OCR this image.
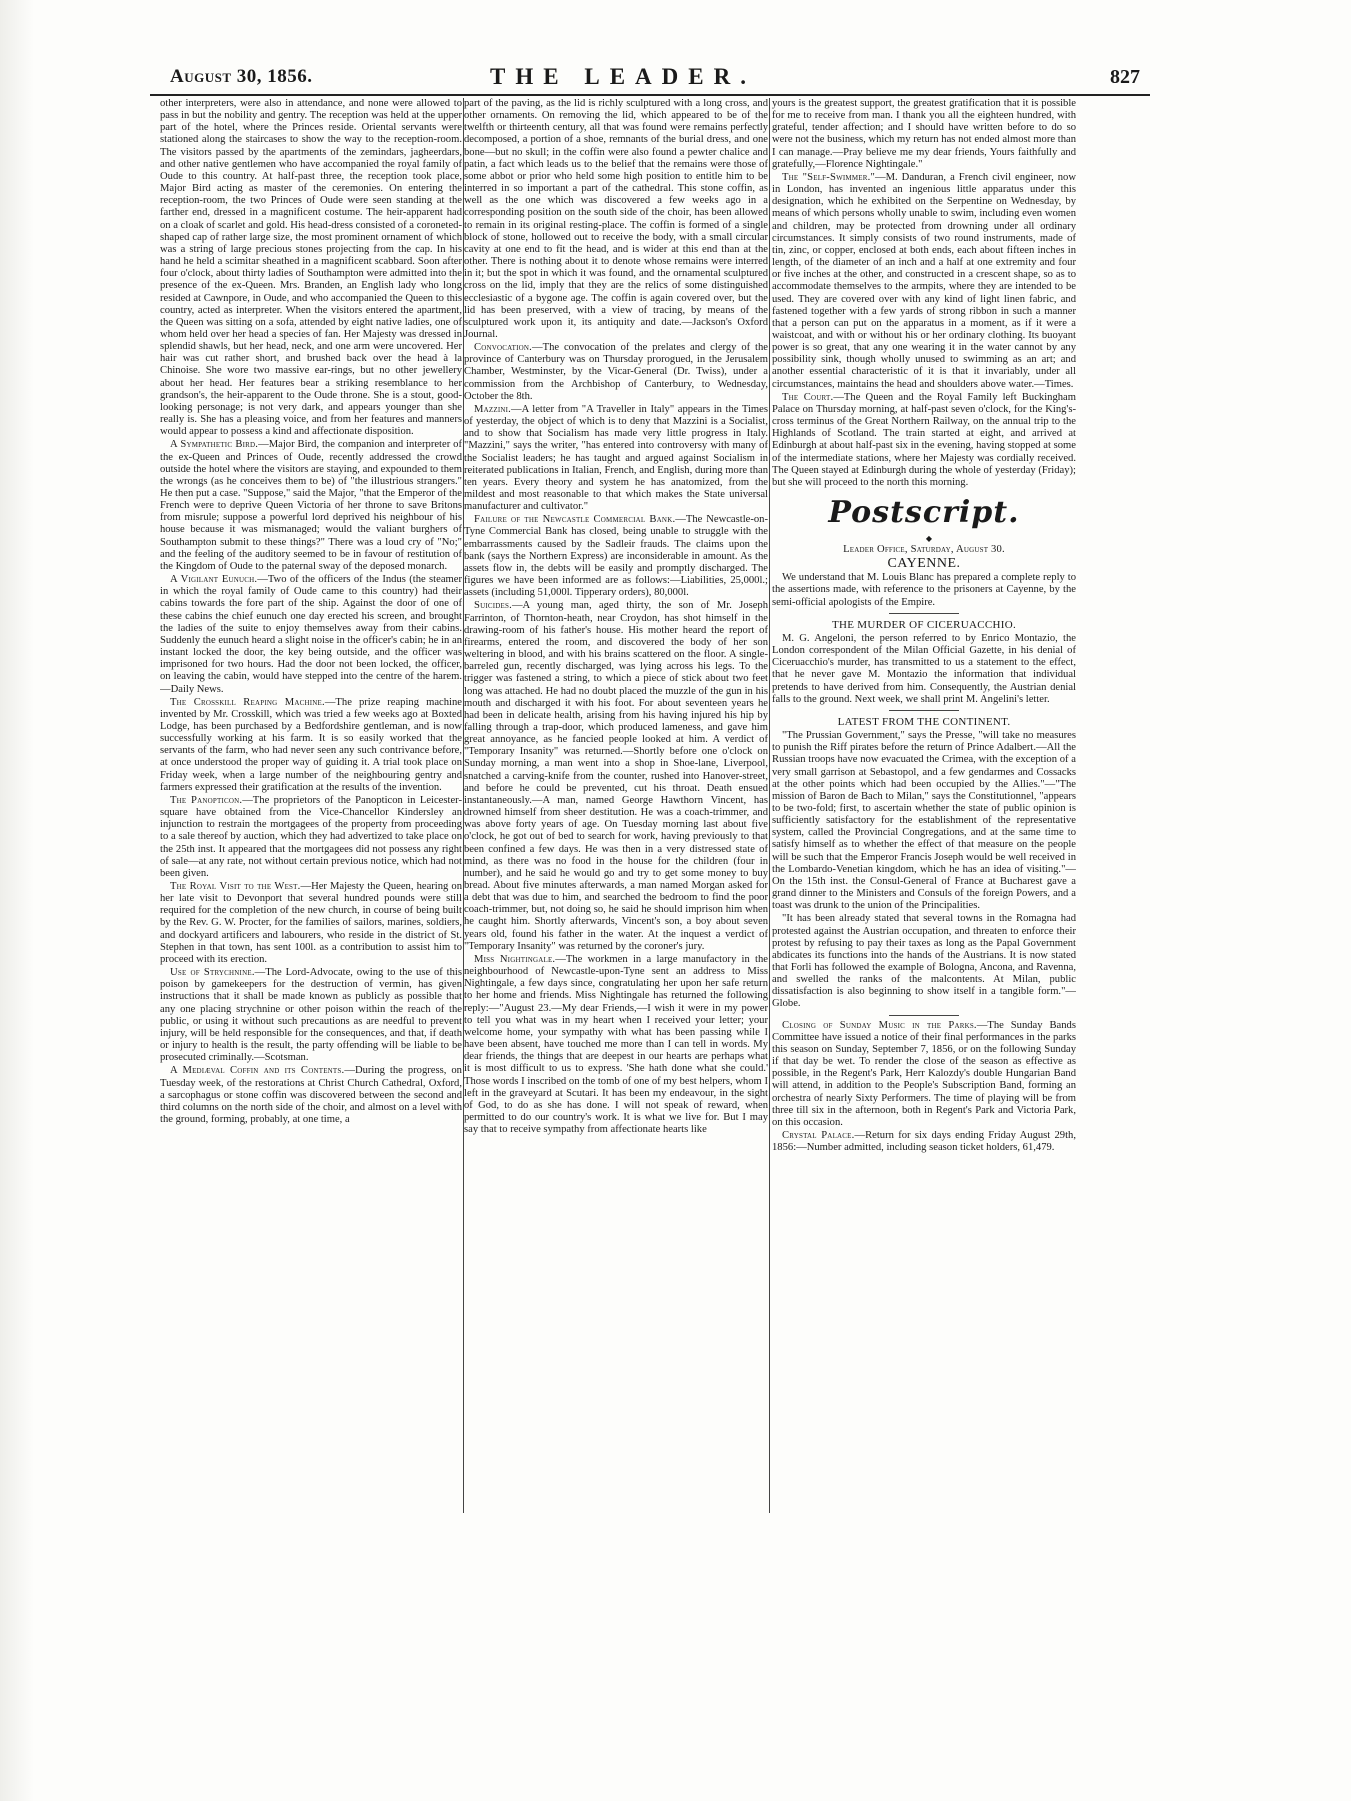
August 30, 1856.	THE LEADER.	827

other interpreters, were also in attendance, and none were allowed to pass in but the nobility and gentry. The reception was held at the upper part of the hotel, where the Princes reside. Oriental servants were stationed along the staircases to show the way to the reception-room. The visitors passed by the apartments of the zemindars, jagheerdars, and other native gentlemen who have accompanied the royal family of Oude to this country. At half-past three, the reception took place, Major Bird acting as master of the ceremonies. On entering the reception-room, the two Princes of Oude were seen standing at the farther end, dressed in a magnificent costume. The heir-apparent had on a cloak of scarlet and gold. His head-dress consisted of a coroneted-shaped cap of rather large size, the most prominent ornament of which was a string of large precious stones projecting from the cap. In his hand he held a scimitar sheathed in a magnificent scabbard. Soon after four o'clock, about thirty ladies of Southampton were admitted into the presence of the ex-Queen. Mrs. Branden, an English lady who long resided at Cawnpore, in Oude, and who accompanied the Queen to this country, acted as interpreter. When the visitors entered the apartment, the Queen was sitting on a sofa, attended by eight native ladies, one of whom held over her head a species of fan. Her Majesty was dressed in splendid shawls, but her head, neck, and one arm were uncovered. Her hair was cut rather short, and brushed back over the head à la Chinoise. She wore two massive ear-rings, but no other jewellery about her head. Her features bear a striking resemblance to her grandson's, the heir-apparent to the Oude throne. She is a stout, good-looking personage; is not very dark, and appears younger than she really is. She has a pleasing voice, and from her features and manners would appear to possess a kind and affectionate disposition.

A Sympathetic Bird.—Major Bird, the companion and interpreter of the ex-Queen and Princes of Oude, recently addressed the crowd outside the hotel where the visitors are staying, and expounded to them the wrongs (as he conceives them to be) of "the illustrious strangers." He then put a case. "Suppose," said the Major, "that the Emperor of the French were to deprive Queen Victoria of her throne to save Britons from misrule; suppose a powerful lord deprived his neighbour of his house because it was mismanaged; would the valiant burghers of Southampton submit to these things?" There was a loud cry of "No;" and the feeling of the auditory seemed to be in favour of restitution of the Kingdom of Oude to the paternal sway of the deposed monarch.

A Vigilant Eunuch.—Two of the officers of the Indus (the steamer in which the royal family of Oude came to this country) had their cabins towards the fore part of the ship. Against the door of one of these cabins the chief eunuch one day erected his screen, and brought the ladies of the suite to enjoy themselves away from their cabins. Suddenly the eunuch heard a slight noise in the officer's cabin; he in an instant locked the door, the key being outside, and the officer was imprisoned for two hours. Had the door not been locked, the officer, on leaving the cabin, would have stepped into the centre of the harem.—Daily News.

The Crosskill Reaping Machine.—The prize reaping machine invented by Mr. Crosskill, which was tried a few weeks ago at Boxted Lodge, has been purchased by a Bedfordshire gentleman, and is now successfully working at his farm. It is so easily worked that the servants of the farm, who had never seen any such contrivance before, at once understood the proper way of guiding it. A trial took place on Friday week, when a large number of the neighbouring gentry and farmers expressed their gratification at the results of the invention.

The Panopticon.—The proprietors of the Panopticon in Leicester-square have obtained from the Vice-Chancellor Kindersley an injunction to restrain the mortgagees of the property from proceeding to a sale thereof by auction, which they had advertized to take place on the 25th inst. It appeared that the mortgagees did not possess any right of sale—at any rate, not without certain previous notice, which had not been given.

The Royal Visit to the West.—Her Majesty the Queen, hearing on her late visit to Devonport that several hundred pounds were still required for the completion of the new church, in course of being built by the Rev. G. W. Procter, for the families of sailors, marines, soldiers, and dockyard artificers and labourers, who reside in the district of St. Stephen in that town, has sent 100l. as a contribution to assist him to proceed with its erection.

Use of Strychnine.—The Lord-Advocate, owing to the use of this poison by gamekeepers for the destruction of vermin, has given instructions that it shall be made known as publicly as possible that any one placing strychnine or other poison within the reach of the public, or using it without such precautions as are needful to prevent injury, will be held responsible for the consequences, and that, if death or injury to health is the result, the party offending will be liable to be prosecuted criminally.—Scotsman.

A Mediæval Coffin and its Contents.—During the progress, on Tuesday week, of the restorations at Christ Church Cathedral, Oxford, a sarcophagus or stone coffin was discovered between the second and third columns on the north side of the choir, and almost on a level with the ground, forming, probably, at one time, a

part of the paving, as the lid is richly sculptured with a long cross, and other ornaments. On removing the lid, which appeared to be of the twelfth or thirteenth century, all that was found were remains perfectly decomposed, a portion of a shoe, remnants of the burial dress, and one bone—but no skull; in the coffin were also found a pewter chalice and patin, a fact which leads us to the belief that the remains were those of some abbot or prior who held some high position to entitle him to be interred in so important a part of the cathedral. This stone coffin, as well as the one which was discovered a few weeks ago in a corresponding position on the south side of the choir, has been allowed to remain in its original resting-place. The coffin is formed of a single block of stone, hollowed out to receive the body, with a small circular cavity at one end to fit the head, and is wider at this end than at the other. There is nothing about it to denote whose remains were interred in it; but the spot in which it was found, and the ornamental sculptured cross on the lid, imply that they are the relics of some distinguished ecclesiastic of a bygone age. The coffin is again covered over, but the lid has been preserved, with a view of tracing, by means of the sculptured work upon it, its antiquity and date.—Jackson's Oxford Journal.

Convocation.—The convocation of the prelates and clergy of the province of Canterbury was on Thursday prorogued, in the Jerusalem Chamber, Westminster, by the Vicar-General (Dr. Twiss), under a commission from the Archbishop of Canterbury, to Wednesday, October the 8th.

Mazzini.—A letter from "A Traveller in Italy" appears in the Times of yesterday, the object of which is to deny that Mazzini is a Socialist, and to show that Socialism has made very little progress in Italy. "Mazzini," says the writer, "has entered into controversy with many of the Socialist leaders; he has taught and argued against Socialism in reiterated publications in Italian, French, and English, during more than ten years. Every theory and system he has anatomized, from the mildest and most reasonable to that which makes the State universal manufacturer and cultivator."

Failure of the Newcastle Commercial Bank.—The Newcastle-on-Tyne Commercial Bank has closed, being unable to struggle with the embarrassments caused by the Sadleir frauds. The claims upon the bank (says the Northern Express) are inconsiderable in amount. As the assets flow in, the debts will be easily and promptly discharged. The figures we have been informed are as follows:—Liabilities, 25,000l.; assets (including 51,000l. Tipperary orders), 80,000l.

Suicides.—A young man, aged thirty, the son of Mr. Joseph Farrinton, of Thornton-heath, near Croydon, has shot himself in the drawing-room of his father's house. His mother heard the report of firearms, entered the room, and discovered the body of her son weltering in blood, and with his brains scattered on the floor. A single-barreled gun, recently discharged, was lying across his legs. To the trigger was fastened a string, to which a piece of stick about two feet long was attached. He had no doubt placed the muzzle of the gun in his mouth and discharged it with his foot. For about seventeen years he had been in delicate health, arising from his having injured his hip by falling through a trap-door, which produced lameness, and gave him great annoyance, as he fancied people looked at him. A verdict of "Temporary Insanity" was returned.—Shortly before one o'clock on Sunday morning, a man went into a shop in Shoe-lane, Liverpool, snatched a carving-knife from the counter, rushed into Hanover-street, and before he could be prevented, cut his throat. Death ensued instantaneously.—A man, named George Hawthorn Vincent, has drowned himself from sheer destitution. He was a coach-trimmer, and was above forty years of age. On Tuesday morning last about five o'clock, he got out of bed to search for work, having previously to that been confined a few days. He was then in a very distressed state of mind, as there was no food in the house for the children (four in number), and he said he would go and try to get some money to buy bread. About five minutes afterwards, a man named Morgan asked for a debt that was due to him, and searched the bedroom to find the poor coach-trimmer, but, not doing so, he said he should imprison him when he caught him. Shortly afterwards, Vincent's son, a boy about seven years old, found his father in the water. At the inquest a verdict of "Temporary Insanity" was returned by the coroner's jury.

Miss Nightingale.—The workmen in a large manufactory in the neighbourhood of Newcastle-upon-Tyne sent an address to Miss Nightingale, a few days since, congratulating her upon her safe return to her home and friends. Miss Nightingale has returned the following reply:—"August 23.—My dear Friends,—I wish it were in my power to tell you what was in my heart when I received your letter; your welcome home, your sympathy with what has been passing while I have been absent, have touched me more than I can tell in words. My dear friends, the things that are deepest in our hearts are perhaps what it is most difficult to us to express. 'She hath done what she could.' Those words I inscribed on the tomb of one of my best helpers, whom I left in the graveyard at Scutari. It has been my endeavour, in the sight of God, to do as she has done. I will not speak of reward, when permitted to do our country's work. It is what we live for. But I may say that to receive sympathy from affectionate hearts like

yours is the greatest support, the greatest gratification that it is possible for me to receive from man. I thank you all the eighteen hundred, with grateful, tender affection; and I should have written before to do so were not the business, which my return has not ended almost more than I can manage.—Pray believe me my dear friends, Yours faithfully and gratefully,—Florence Nightingale."

The "Self-Swimmer."—M. Danduran, a French civil engineer, now in London, has invented an ingenious little apparatus under this designation, which he exhibited on the Serpentine on Wednesday, by means of which persons wholly unable to swim, including even women and children, may be protected from drowning under all ordinary circumstances. It simply consists of two round instruments, made of tin, zinc, or copper, enclosed at both ends, each about fifteen inches in length, of the diameter of an inch and a half at one extremity and four or five inches at the other, and constructed in a crescent shape, so as to accommodate themselves to the armpits, where they are intended to be used. They are covered over with any kind of light linen fabric, and fastened together with a few yards of strong ribbon in such a manner that a person can put on the apparatus in a moment, as if it were a waistcoat, and with or without his or her ordinary clothing. Its buoyant power is so great, that any one wearing it in the water cannot by any possibility sink, though wholly unused to swimming as an art; and another essential characteristic of it is that it invariably, under all circumstances, maintains the head and shoulders above water.—Times.

The Court.—The Queen and the Royal Family left Buckingham Palace on Thursday morning, at half-past seven o'clock, for the King's-cross terminus of the Great Northern Railway, on the annual trip to the Highlands of Scotland. The train started at eight, and arrived at Edinburgh at about half-past six in the evening, having stopped at some of the intermediate stations, where her Majesty was cordially received. The Queen stayed at Edinburgh during the whole of yesterday (Friday); but she will proceed to the north this morning.

Postscript.

◆

Leader Office, Saturday, August 30.

CAYENNE.

We understand that M. Louis Blanc has prepared a complete reply to the assertions made, with reference to the prisoners at Cayenne, by the semi-official apologists of the Empire.

THE MURDER OF CICERUACCHIO.

M. G. Angeloni, the person referred to by Enrico Montazio, the London correspondent of the Milan Official Gazette, in his denial of Ciceruacchio's murder, has transmitted to us a statement to the effect, that he never gave M. Montazio the information that individual pretends to have derived from him. Consequently, the Austrian denial falls to the ground. Next week, we shall print M. Angelini's letter.

LATEST FROM THE CONTINENT.

"The Prussian Government," says the Presse, "will take no measures to punish the Riff pirates before the return of Prince Adalbert.—All the Russian troops have now evacuated the Crimea, with the exception of a very small garrison at Sebastopol, and a few gendarmes and Cossacks at the other points which had been occupied by the Allies."—"The mission of Baron de Bach to Milan," says the Constitutionnel, "appears to be two-fold; first, to ascertain whether the state of public opinion is sufficiently satisfactory for the establishment of the representative system, called the Provincial Congregations, and at the same time to satisfy himself as to whether the effect of that measure on the people will be such that the Emperor Francis Joseph would be well received in the Lombardo-Venetian kingdom, which he has an idea of visiting."—On the 15th inst. the Consul-General of France at Bucharest gave a grand dinner to the Ministers and Consuls of the foreign Powers, and a toast was drunk to the union of the Principalities.

"It has been already stated that several towns in the Romagna had protested against the Austrian occupation, and threaten to enforce their protest by refusing to pay their taxes as long as the Papal Government abdicates its functions into the hands of the Austrians. It is now stated that Forli has followed the example of Bologna, Ancona, and Ravenna, and swelled the ranks of the malcontents. At Milan, public dissatisfaction is also beginning to show itself in a tangible form."—Globe.

Closing of Sunday Music in the Parks.—The Sunday Bands Committee have issued a notice of their final performances in the parks this season on Sunday, September 7, 1856, or on the following Sunday if that day be wet. To render the close of the season as effective as possible, in the Regent's Park, Herr Kalozdy's double Hungarian Band will attend, in addition to the People's Subscription Band, forming an orchestra of nearly Sixty Performers. The time of playing will be from three till six in the afternoon, both in Regent's Park and Victoria Park, on this occasion.

Crystal Palace.—Return for six days ending Friday August 29th, 1856:—Number admitted, including season ticket holders, 61,479.
